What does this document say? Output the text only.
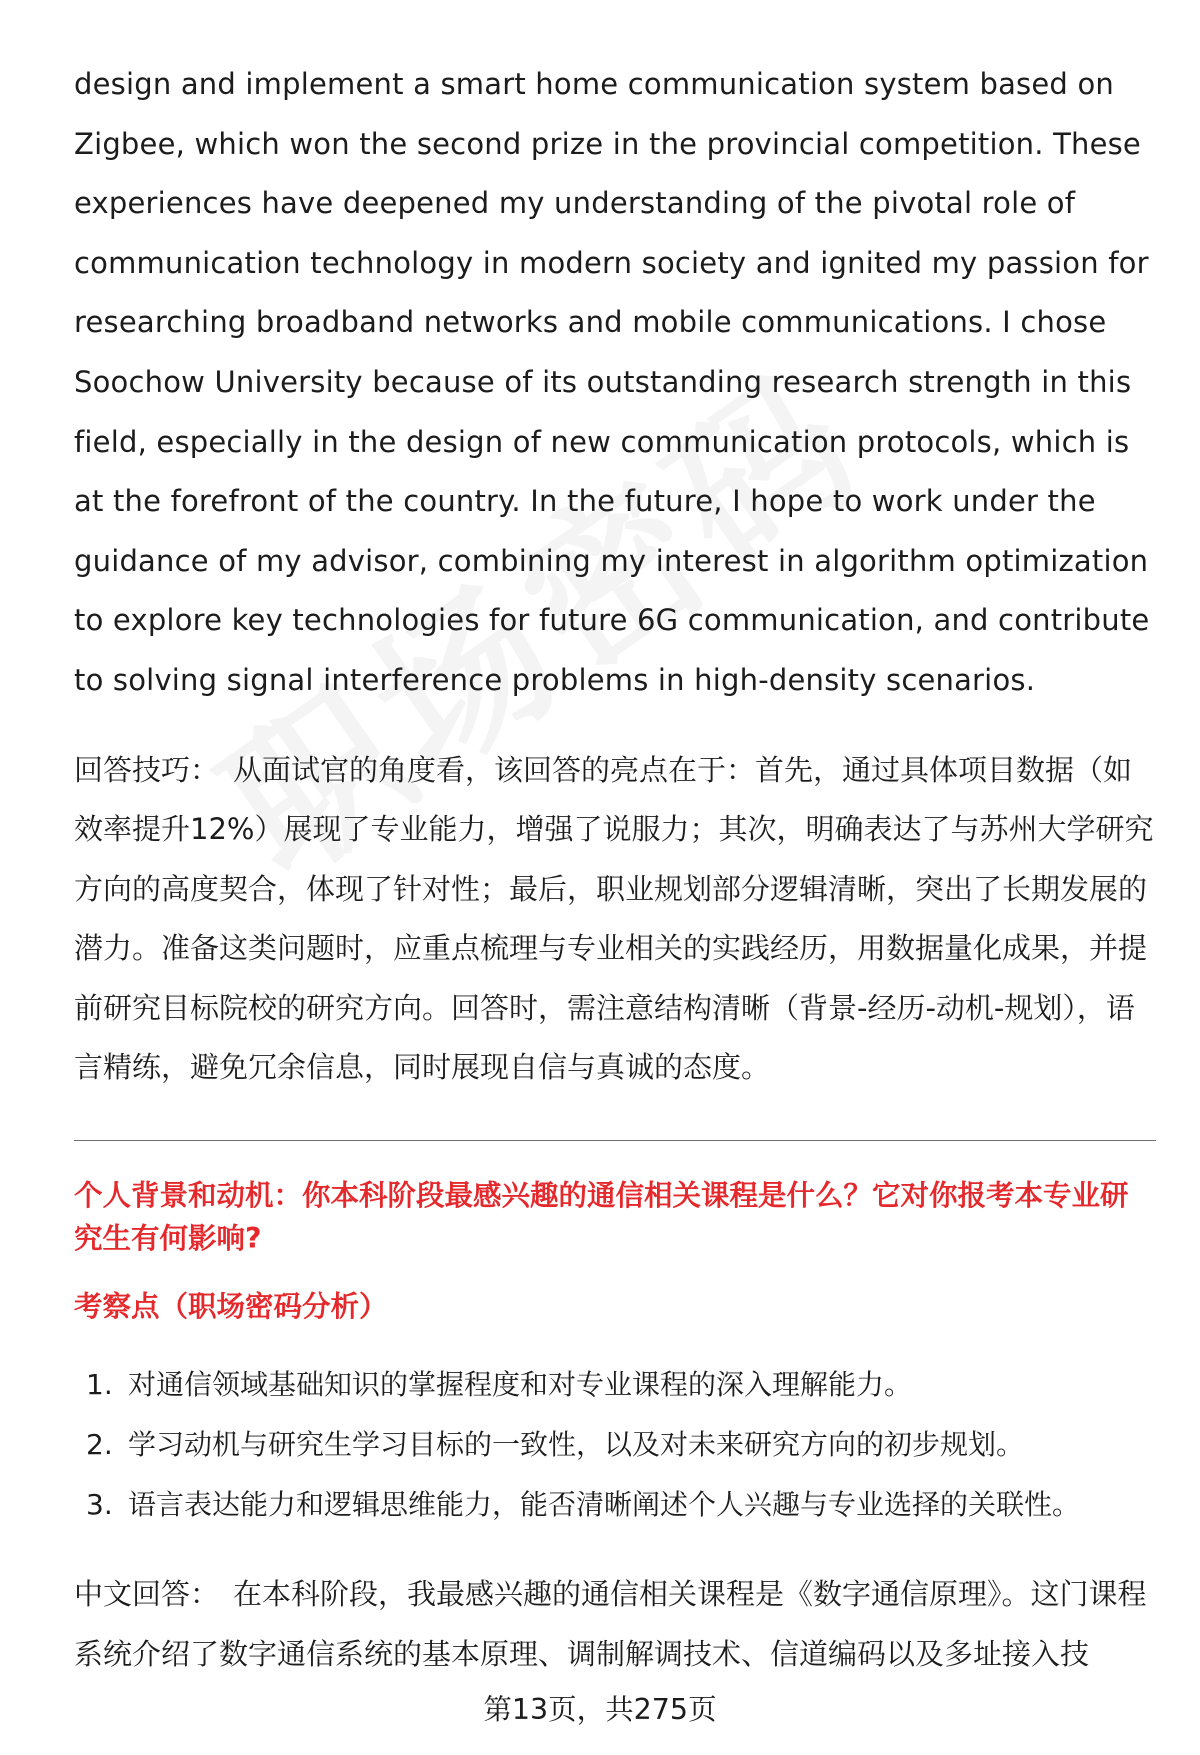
design and implement a smart home communication system based on Zigbee, which won the second prize in the provincial competition. These experiences have deepened my understanding of the pivotal role of communication technology in modern society and ignited my passion for researching broadband networks and mobile communications. I chose Soochow University because of its outstanding research strength in this field, especially in the design of new communication protocols, which is at the forefront of the country. In the future, I hope to work under the guidance of my advisor, combining my interest in algorithm optimization to explore key technologies for future 6G communication, and contribute to solving signal interference problems in high-density scenarios.

回答技巧： 从面试官的角度看，该回答的亮点在于：首先，通过具体项目数据（如效率提升12%）展现了专业能力，增强了说服力；其次，明确表达了与苏州大学研究方向的高度契合，体现了针对性；最后，职业规划部分逻辑清晰，突出了长期发展的潜力。准备这类问题时，应重点梳理与专业相关的实践经历，用数据量化成果，并提前研究目标院校的研究方向。回答时，需注意结构清晰（背景-经历-动机-规划），语言精练，避免冗余信息，同时展现自信与真诚的态度。

个人背景和动机：你本科阶段最感兴趣的通信相关课程是什么？它对你报考本专业研究生有何影响?

考察点（职场密码分析）

1. 对通信领域基础知识的掌握程度和对专业课程的深入理解能力。
2. 学习动机与研究生学习目标的一致性，以及对未来研究方向的初步规划。
3. 语言表达能力和逻辑思维能力，能否清晰阐述个人兴趣与专业选择的关联性。

中文回答： 在本科阶段，我最感兴趣的通信相关课程是《数字通信原理》。这门课程系统介绍了数字通信系统的基本原理、调制解调技术、信道编码以及多址接入技

第13页，共275页
